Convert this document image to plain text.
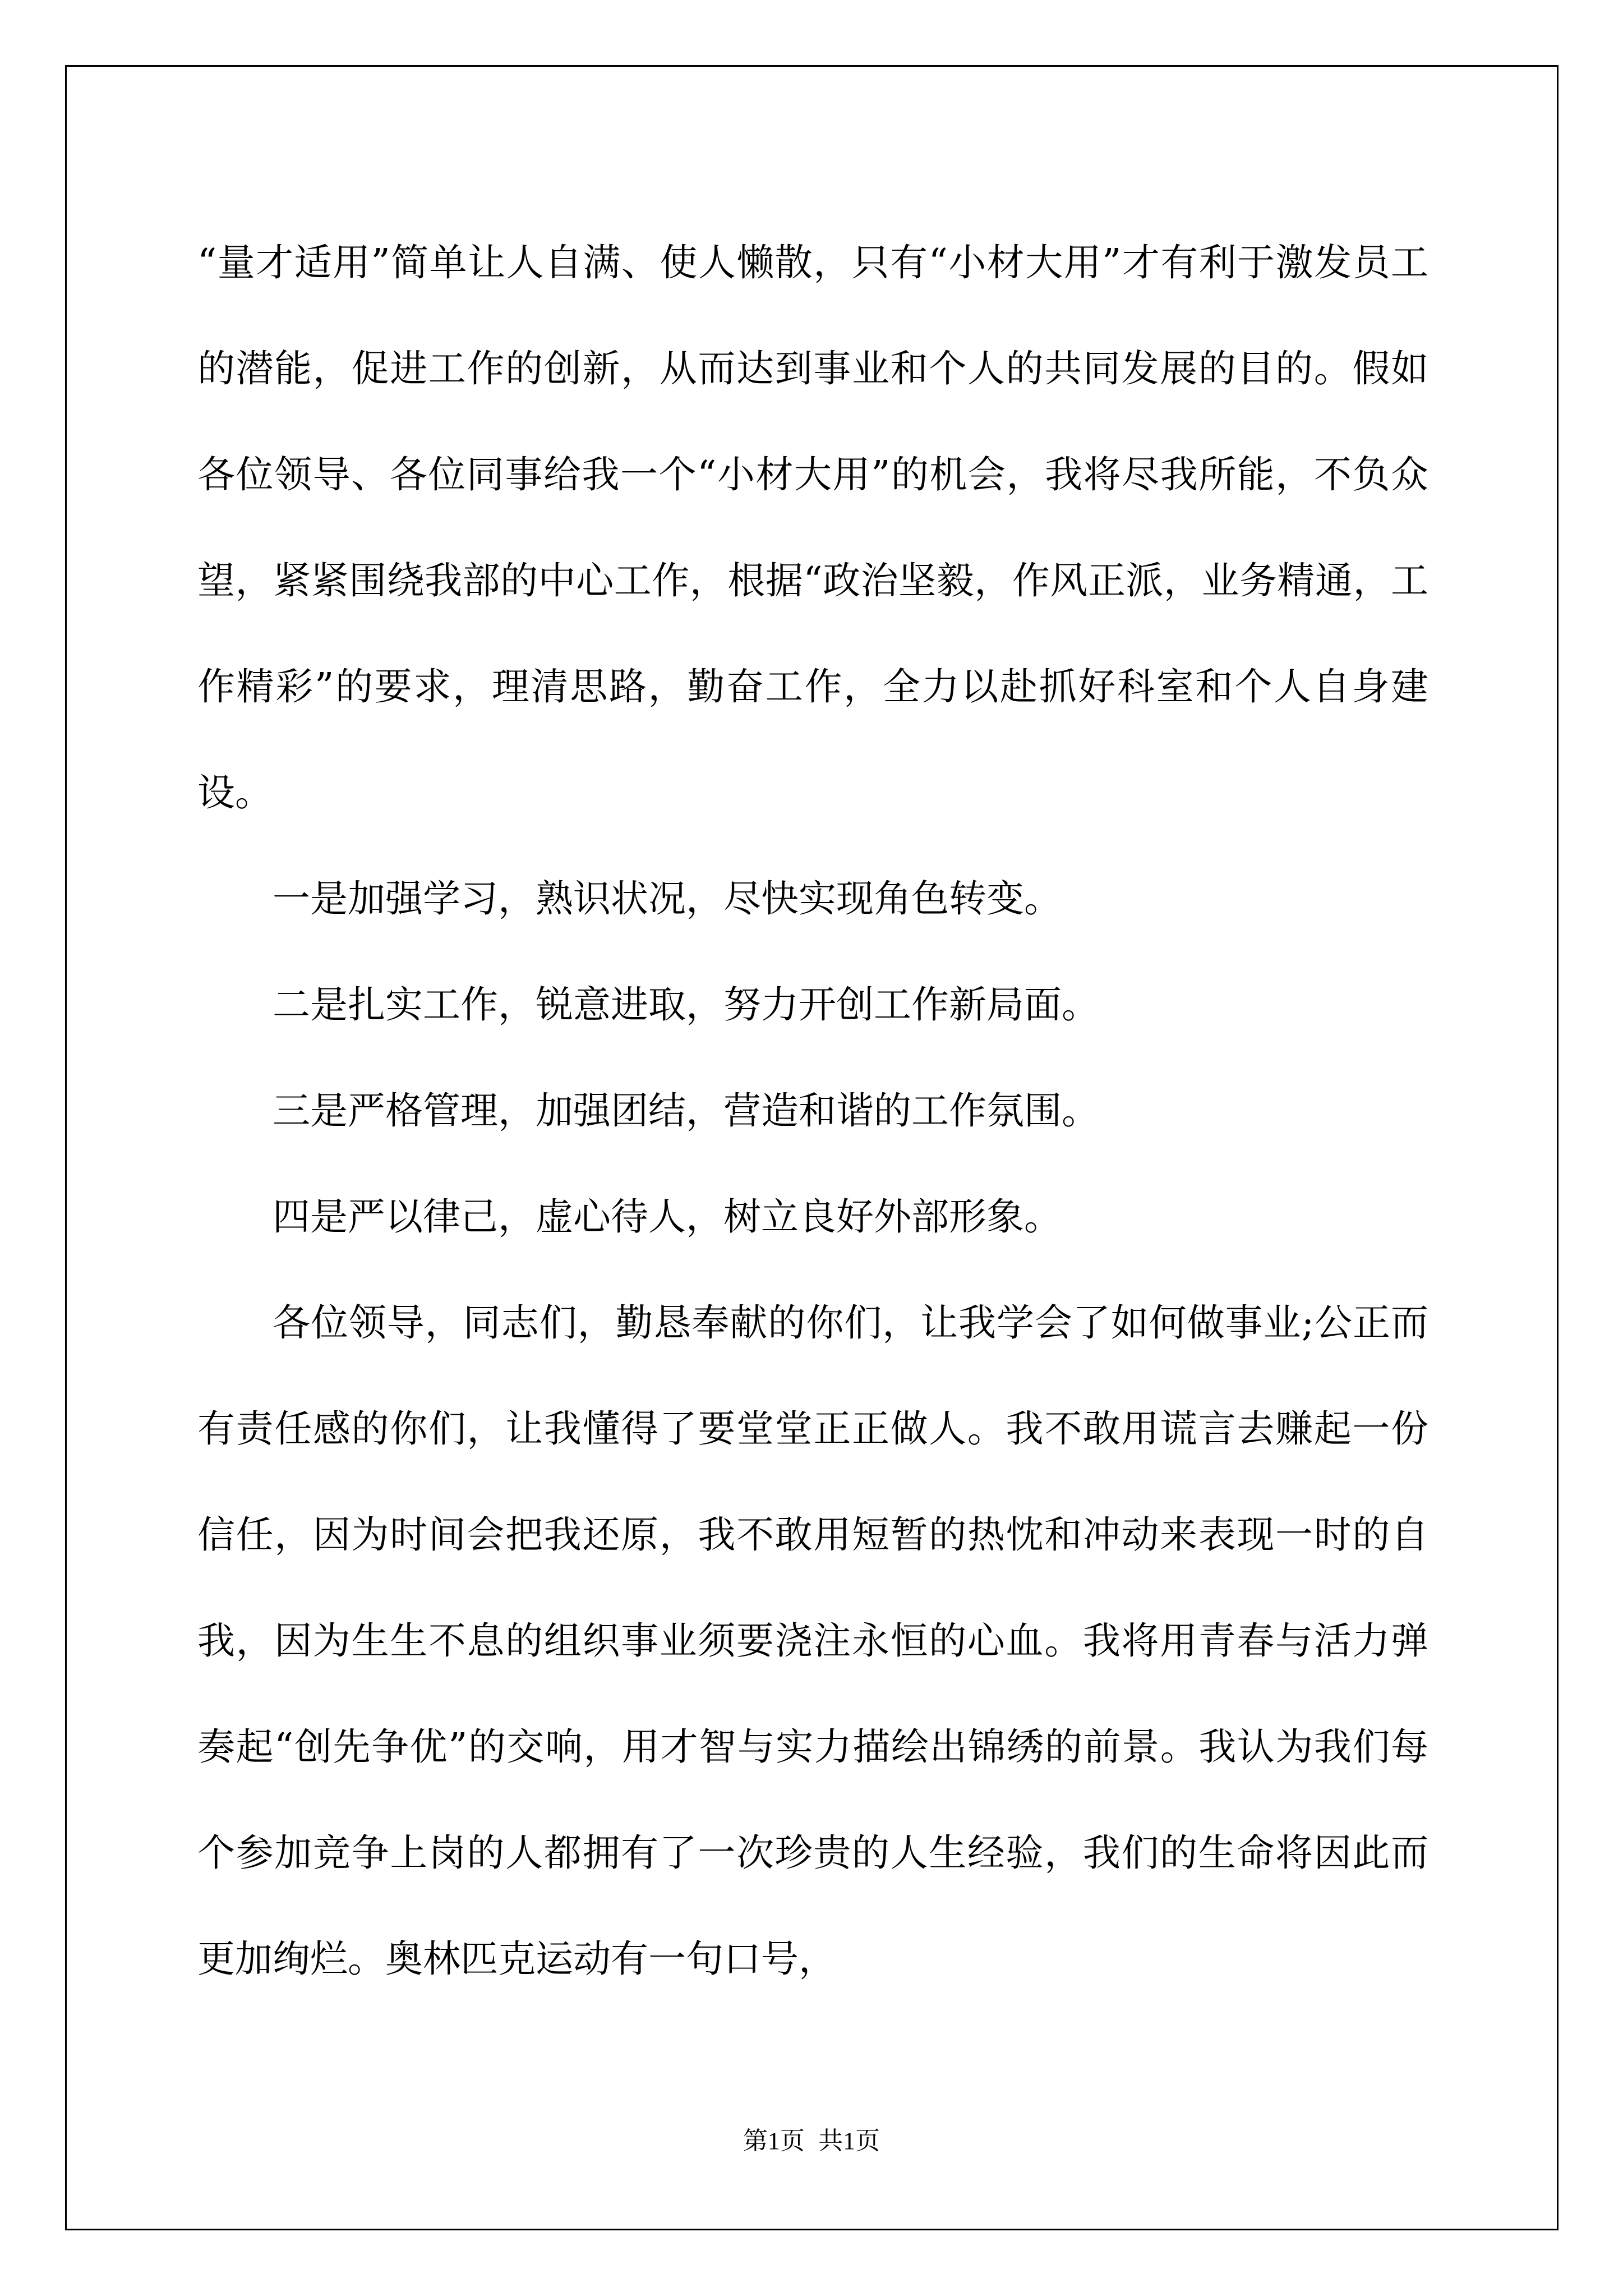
“量才适用”简单让人自满、使人懒散，只有“小材大用”才有利于激发员工的潜能，促进工作的创新，从而达到事业和个人的共同发展的目的。假如各位领导、各位同事给我一个“小材大用”的机会，我将尽我所能，不负众望，紧紧围绕我部的中心工作，根据“政治坚毅，作风正派，业务精通，工作精彩”的要求，理清思路，勤奋工作，全力以赴抓好科室和个人自身建设。

一是加强学习，熟识状况，尽快实现角色转变。

二是扎实工作，锐意进取，努力开创工作新局面。

三是严格管理，加强团结，营造和谐的工作氛围。

四是严以律己，虚心待人，树立良好外部形象。

各位领导，同志们，勤恳奉献的你们，让我学会了如何做事业;公正而有责任感的你们，让我懂得了要堂堂正正做人。我不敢用谎言去赚起一份信任，因为时间会把我还原，我不敢用短暂的热忱和冲动来表现一时的自我，因为生生不息的组织事业须要浇注永恒的心血。我将用青春与活力弹奏起“创先争优”的交响，用才智与实力描绘出锦绣的前景。我认为我们每个参加竞争上岗的人都拥有了一次珍贵的人生经验，我们的生命将因此而更加绚烂。奥林匹克运动有一句口号，

第1页 共1页
